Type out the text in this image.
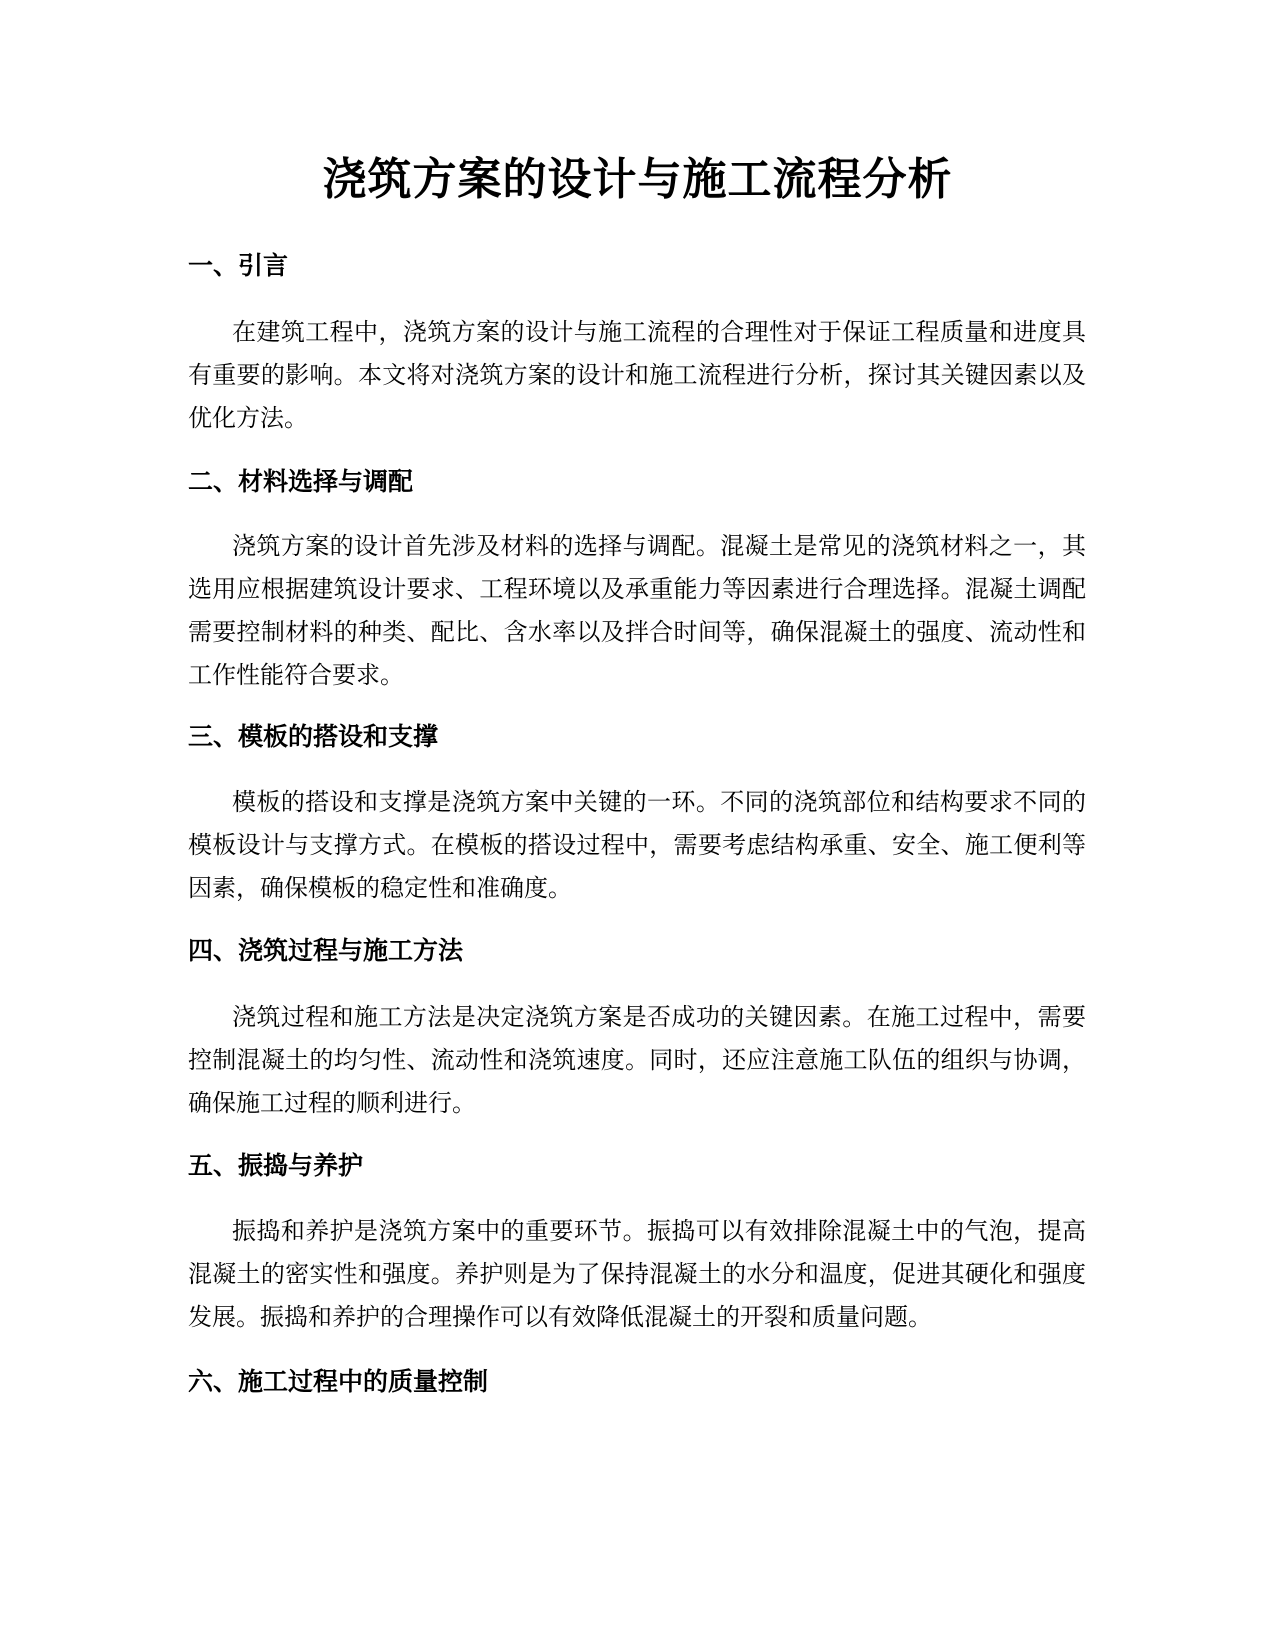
浇筑方案的设计与施工流程分析
一、引言

在建筑工程中，浇筑方案的设计与施工流程的合理性对于保证工程质量和进度具有重要的影响。本文将对浇筑方案的设计和施工流程进行分析，探讨其关键因素以及优化方法。

二、材料选择与调配

浇筑方案的设计首先涉及材料的选择与调配。混凝土是常见的浇筑材料之一，其选用应根据建筑设计要求、工程环境以及承重能力等因素进行合理选择。混凝土调配需要控制材料的种类、配比、含水率以及拌合时间等，确保混凝土的强度、流动性和工作性能符合要求。

三、模板的搭设和支撑

模板的搭设和支撑是浇筑方案中关键的一环。不同的浇筑部位和结构要求不同的模板设计与支撑方式。在模板的搭设过程中，需要考虑结构承重、安全、施工便利等因素，确保模板的稳定性和准确度。

四、浇筑过程与施工方法

浇筑过程和施工方法是决定浇筑方案是否成功的关键因素。在施工过程中，需要控制混凝土的均匀性、流动性和浇筑速度。同时，还应注意施工队伍的组织与协调，确保施工过程的顺利进行。

五、振捣与养护

振捣和养护是浇筑方案中的重要环节。振捣可以有效排除混凝土中的气泡，提高混凝土的密实性和强度。养护则是为了保持混凝土的水分和温度，促进其硬化和强度发展。振捣和养护的合理操作可以有效降低混凝土的开裂和质量问题。

六、施工过程中的质量控制
